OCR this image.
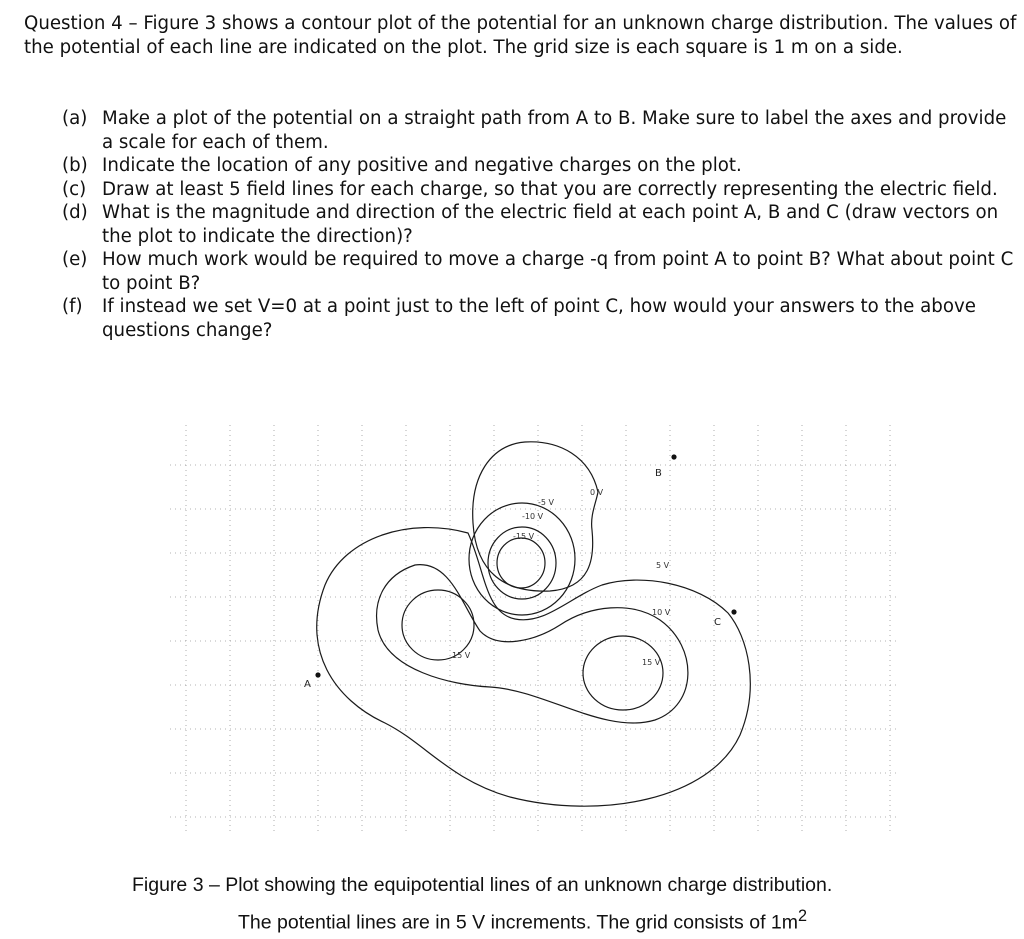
Question 4 – Figure 3 shows a contour plot of the potential for an unknown charge distribution. The values of the potential of each line are indicated on the plot. The grid size is each square is 1 m on a side.

(a) Make a plot of the potential on a straight path from A to B. Make sure to label the axes and provide a scale for each of them.
(b) Indicate the location of any positive and negative charges on the plot.
(c) Draw at least 5 field lines for each charge, so that you are correctly representing the electric field.
(d) What is the magnitude and direction of the electric field at each point A, B and C (draw vectors on the plot to indicate the direction)?
(e) How much work would be required to move a charge -q from point A to point B? What about point C to point B?
(f) If instead we set V=0 at a point just to the left of point C, how would your answers to the above questions change?
-5 V
-10 V
-15 V
0 V
5 V
10 V
15 V
15 V
A
B
C
Figure 3 – Plot showing the equipotential lines of an unknown charge distribution.
The potential lines are in 5 V increments. The grid consists of $1m^2$
